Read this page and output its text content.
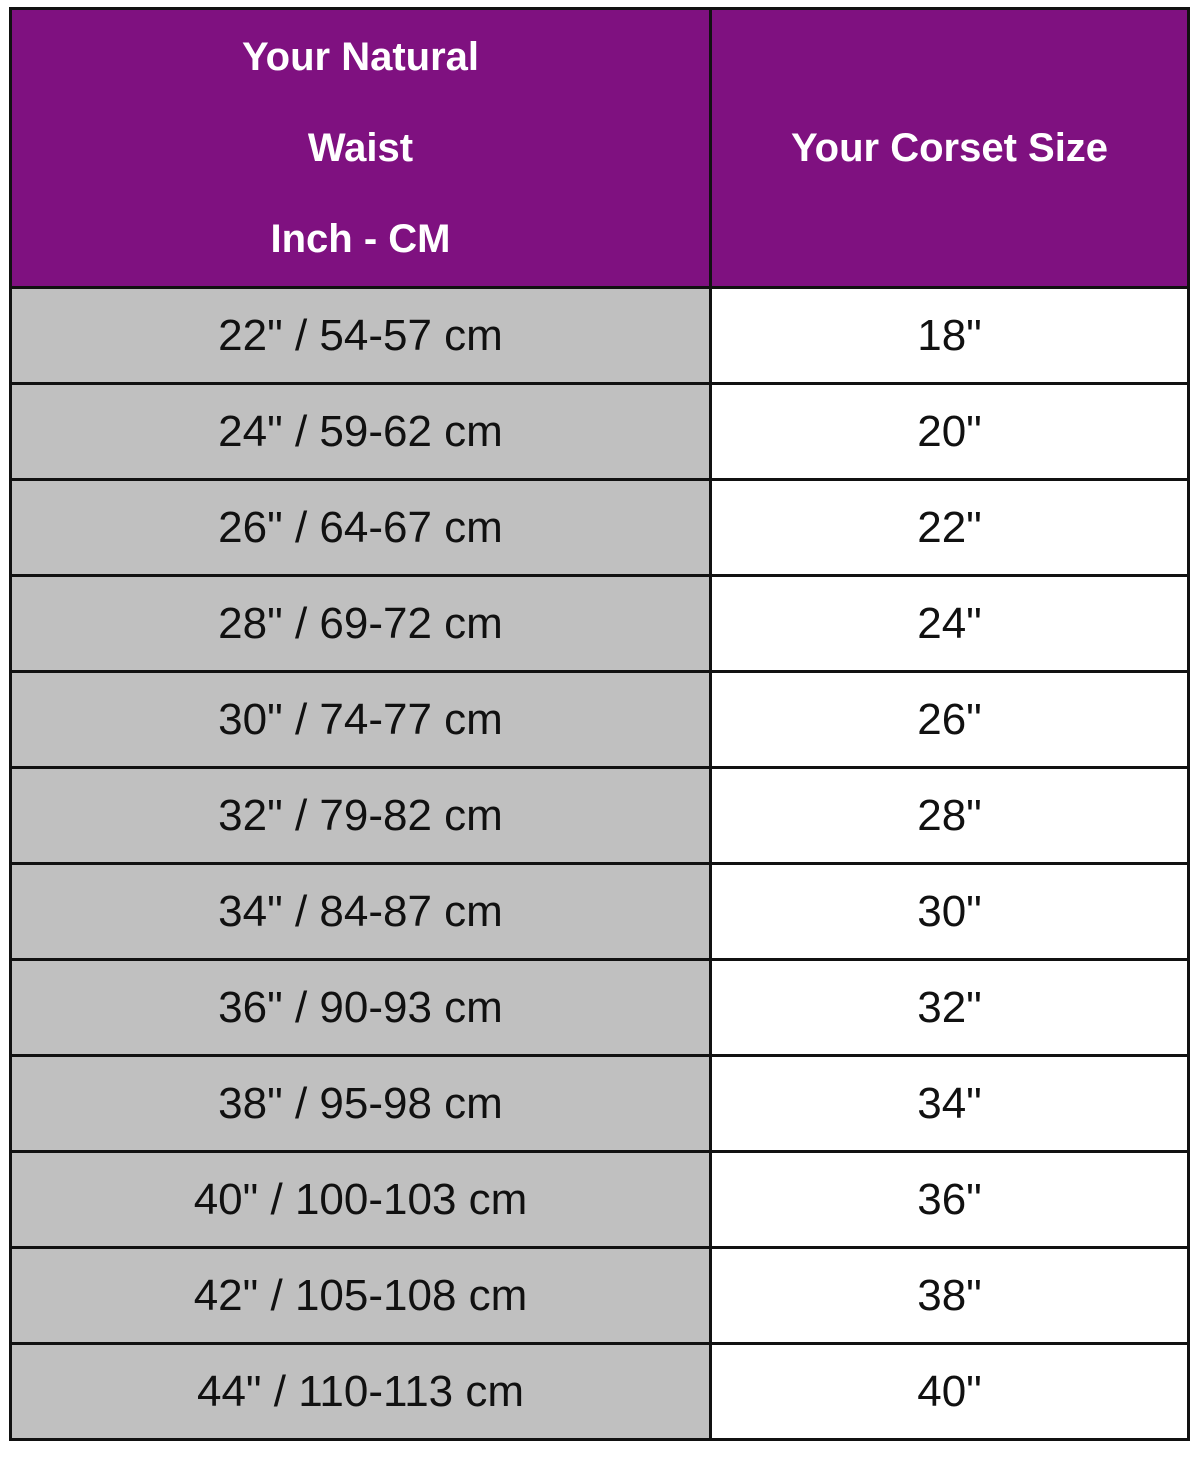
Your Natural
Waist
Inch - CM	Your Corset Size
22" / 54-57 cm	18"
24" / 59-62 cm	20"
26" / 64-67 cm	22"
28" / 69-72 cm	24"
30" / 74-77 cm	26"
32" / 79-82 cm	28"
34" / 84-87 cm	30"
36" / 90-93 cm	32"
38" / 95-98 cm	34"
40" / 100-103 cm	36"
42" / 105-108 cm	38"
44" / 110-113 cm	40"
